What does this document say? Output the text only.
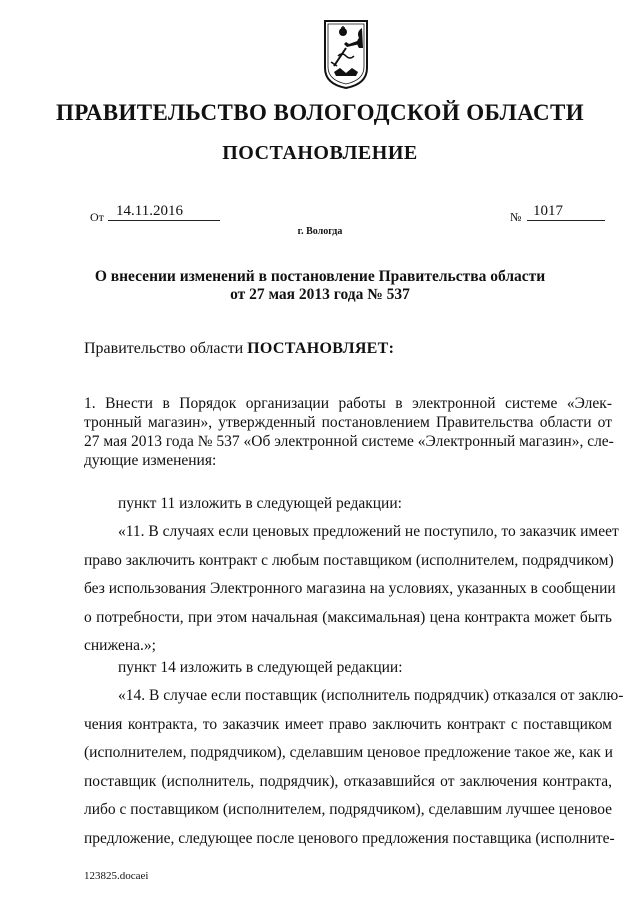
ПРАВИТЕЛЬСТВО ВОЛОГОДСКОЙ ОБЛАСТИ
ПОСТАНОВЛЕНИЕ
От 14.11.2016	№ 1017
г. Вологда
О внесении изменений в постановление Правительства области
от 27 мая 2013 года № 537
Правительство области ПОСТАНОВЛЯЕТ:
1. Внести в Порядок организации работы в электронной системе «Элек-
тронный магазин», утвержденный постановлением Правительства области от
27 мая 2013 года № 537 «Об электронной системе «Электронный магазин», сле-
дующие изменения:
пункт 11 изложить в следующей редакции:
«11. В случаях если ценовых предложений не поступило, то заказчик имеет
право заключить контракт с любым поставщиком (исполнителем, подрядчиком)
без использования Электронного магазина на условиях, указанных в сообщении
о потребности, при этом начальная (максимальная) цена контракта может быть
снижена.»;
пункт 14 изложить в следующей редакции:
«14. В случае если поставщик (исполнитель подрядчик) отказался от заклю-
чения контракта, то заказчик имеет право заключить контракт с поставщиком
(исполнителем, подрядчиком), сделавшим ценовое предложение такое же, как и
поставщик (исполнитель, подрядчик), отказавшийся от заключения контракта,
либо с поставщиком (исполнителем, подрядчиком), сделавшим лучшее ценовое
предложение, следующее после ценового предложения поставщика (исполните-
123825.docaei
